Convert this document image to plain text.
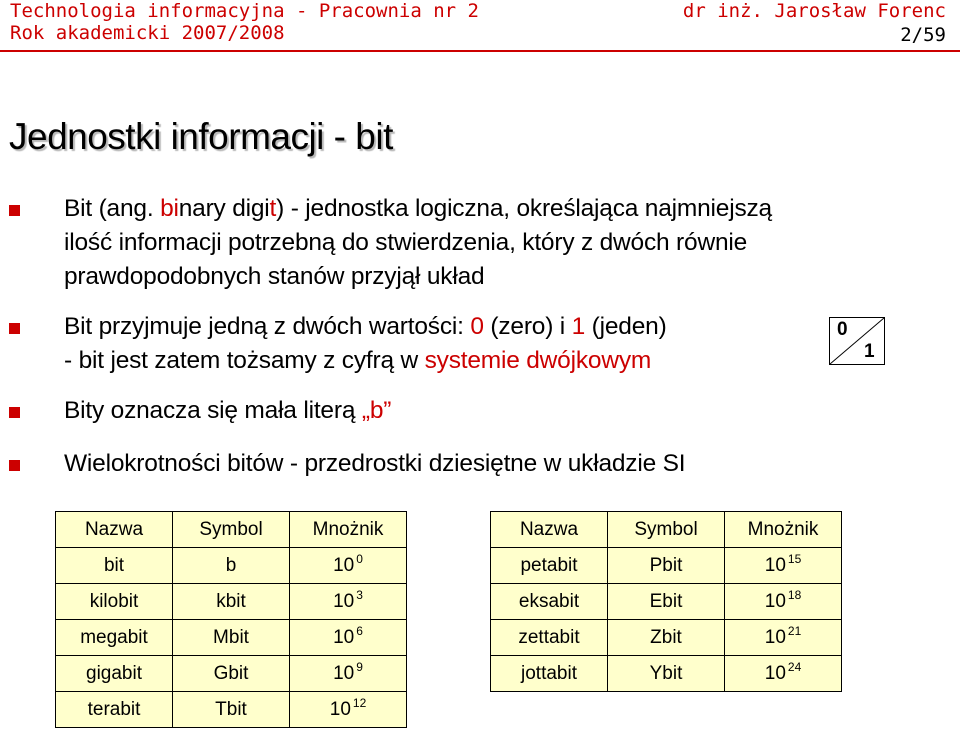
Technologia informacyjna - Pracownia nr 2
Rok akademicki 2007/2008
dr inż. Jarosław Forenc
2/59
Jednostki informacji - bit
Bit (ang. binary digit) - jednostka logiczna, określająca najmniejszą
ilość informacji potrzebną do stwierdzenia, który z dwóch równie
prawdopodobnych stanów przyjął układ
Bit przyjmuje jedną z dwóch wartości: 0 (zero) i 1 (jeden)
- bit jest zatem tożsamy z cyfrą w systemie dwójkowym
0
1
Bity oznacza się mała literą „b”
Wielokrotności bitów - przedrostki dziesiętne w układzie SI
Nazwa	Symbol	Mnożnik
bit	b	10 $^0$
kilobit	kbit	10 $^3$
megabit	Mbit	10 $^6$
gigabit	Gbit	10 $^9$
terabit	Tbit	10 $^{12}$
Nazwa	Symbol	Mnożnik
petabit	Pbit	10 $^{15}$
eksabit	Ebit	10 $^{18}$
zettabit	Zbit	10 $^{21}$
jottabit	Ybit	10 $^{24}$
